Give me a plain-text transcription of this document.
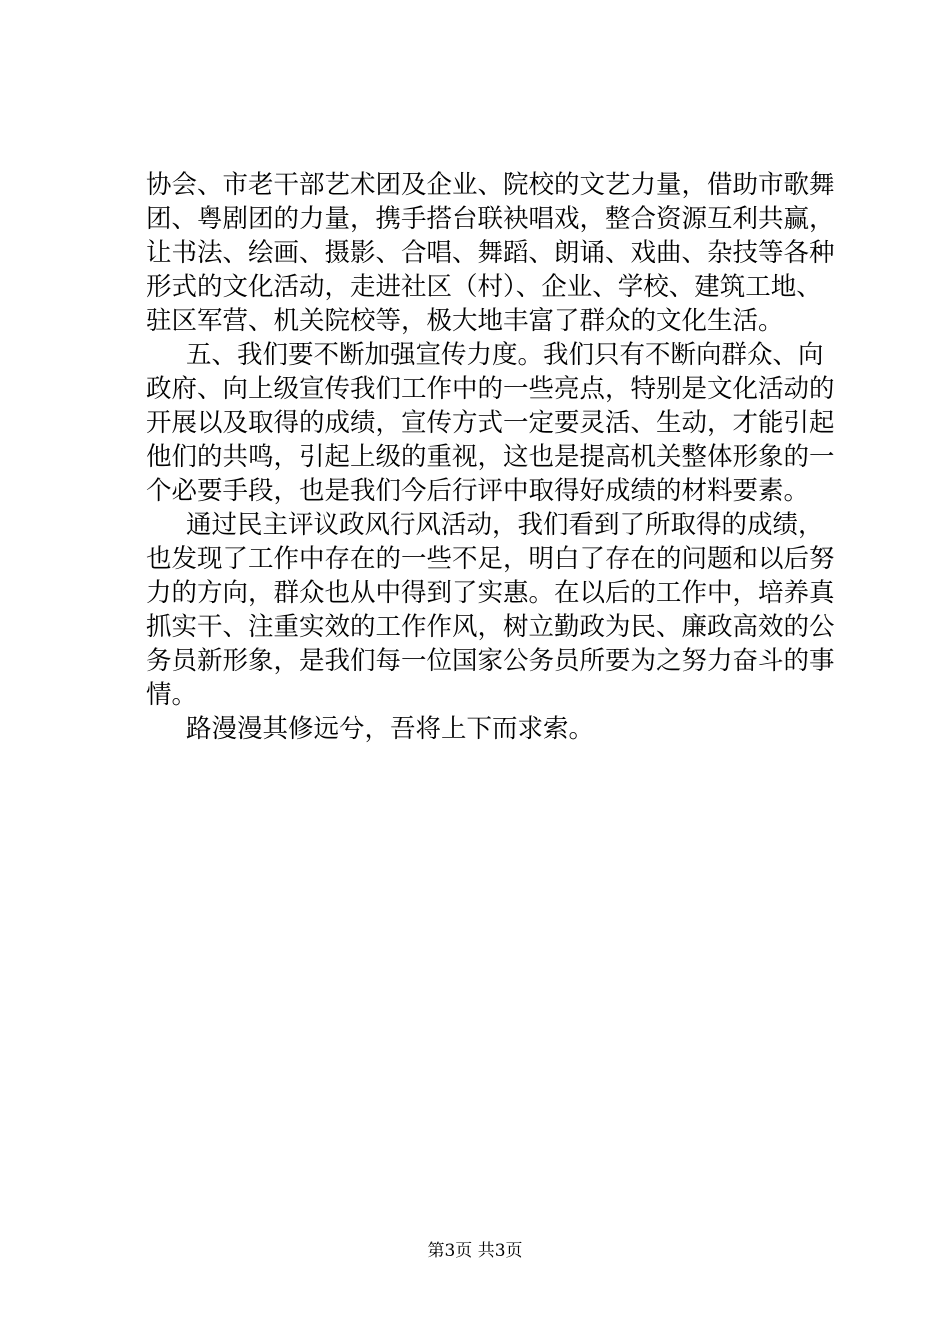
协会、市老干部艺术团及企业、院校的文艺力量，借助市歌舞
团、粤剧团的力量，携手搭台联袂唱戏，整合资源互利共赢，
让书法、绘画、摄影、合唱、舞蹈、朗诵、戏曲、杂技等各种
形式的文化活动，走进社区（村）、企业、学校、建筑工地、
驻区军营、机关院校等，极大地丰富了群众的文化生活。
五、我们要不断加强宣传力度。我们只有不断向群众、向
政府、向上级宣传我们工作中的一些亮点，特别是文化活动的
开展以及取得的成绩，宣传方式一定要灵活、生动，才能引起
他们的共鸣，引起上级的重视，这也是提高机关整体形象的一
个必要手段，也是我们今后行评中取得好成绩的材料要素。
通过民主评议政风行风活动，我们看到了所取得的成绩，
也发现了工作中存在的一些不足，明白了存在的问题和以后努
力的方向，群众也从中得到了实惠。在以后的工作中，培养真
抓实干、注重实效的工作作风，树立勤政为民、廉政高效的公
务员新形象，是我们每一位国家公务员所要为之努力奋斗的事
情。
路漫漫其修远兮，吾将上下而求索。
第3页 共3页
